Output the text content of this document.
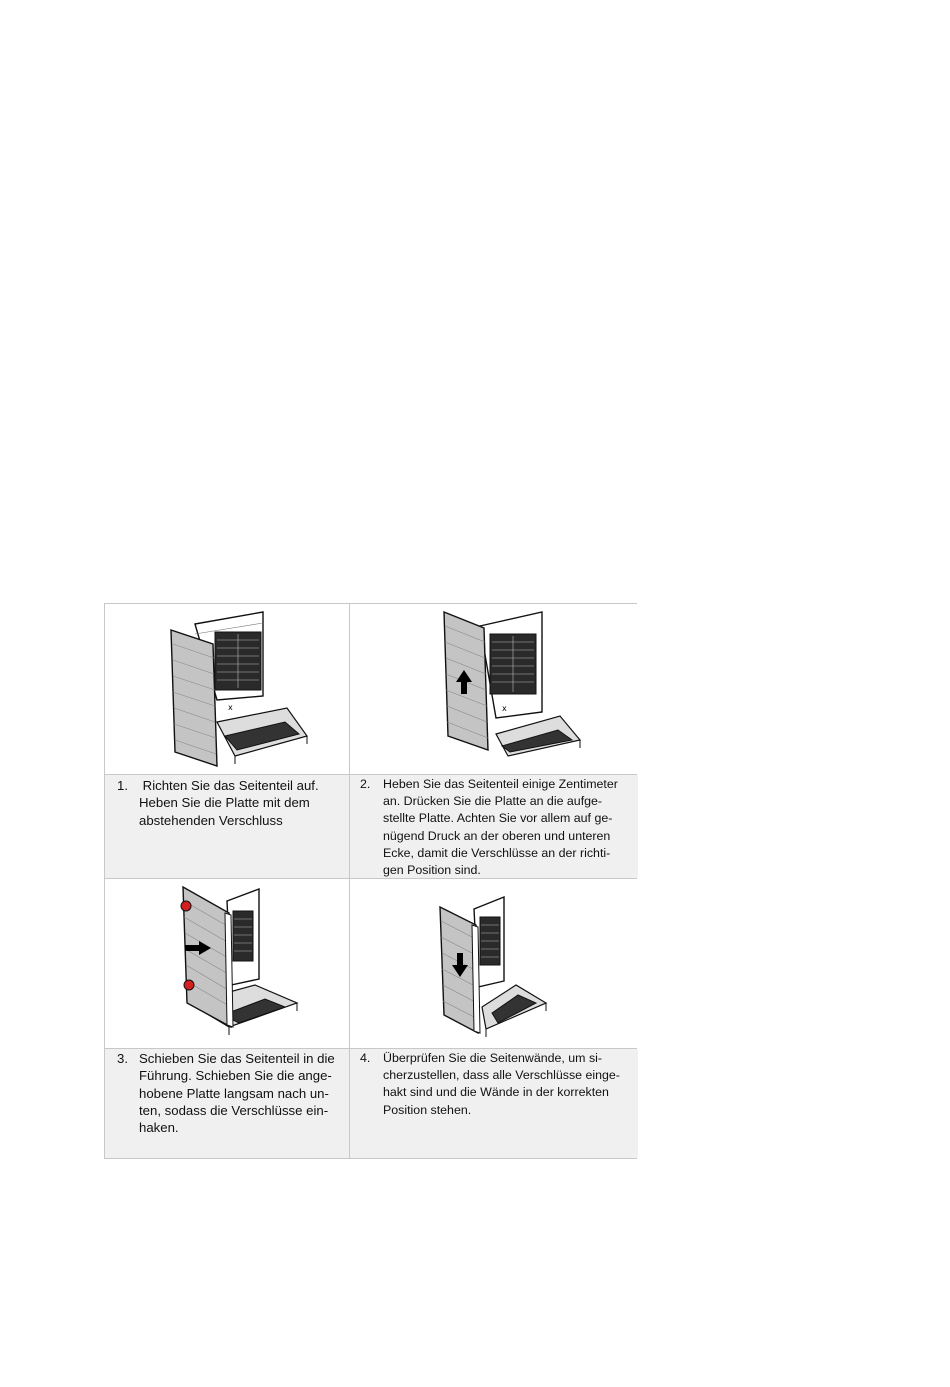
x	x
1. Richten Sie das Seitenteil auf.
Heben Sie die Platte mit dem
abstehenden Verschluss
2. Heben Sie das Seitenteil einige Zentimeter
an. Drücken Sie die Platte an die aufge-
stellte Platte. Achten Sie vor allem auf ge-
nügend Druck an der oberen und unteren
Ecke, damit die Verschlüsse an der richti-
gen Position sind.
3. Schieben Sie das Seitenteil in die
Führung. Schieben Sie die ange-
hobene Platte langsam nach un-
ten, sodass die Verschlüsse ein-
haken.
4. Überprüfen Sie die Seitenwände, um si-
cherzustellen, dass alle Verschlüsse einge-
hakt sind und die Wände in der korrekten
Position stehen.
